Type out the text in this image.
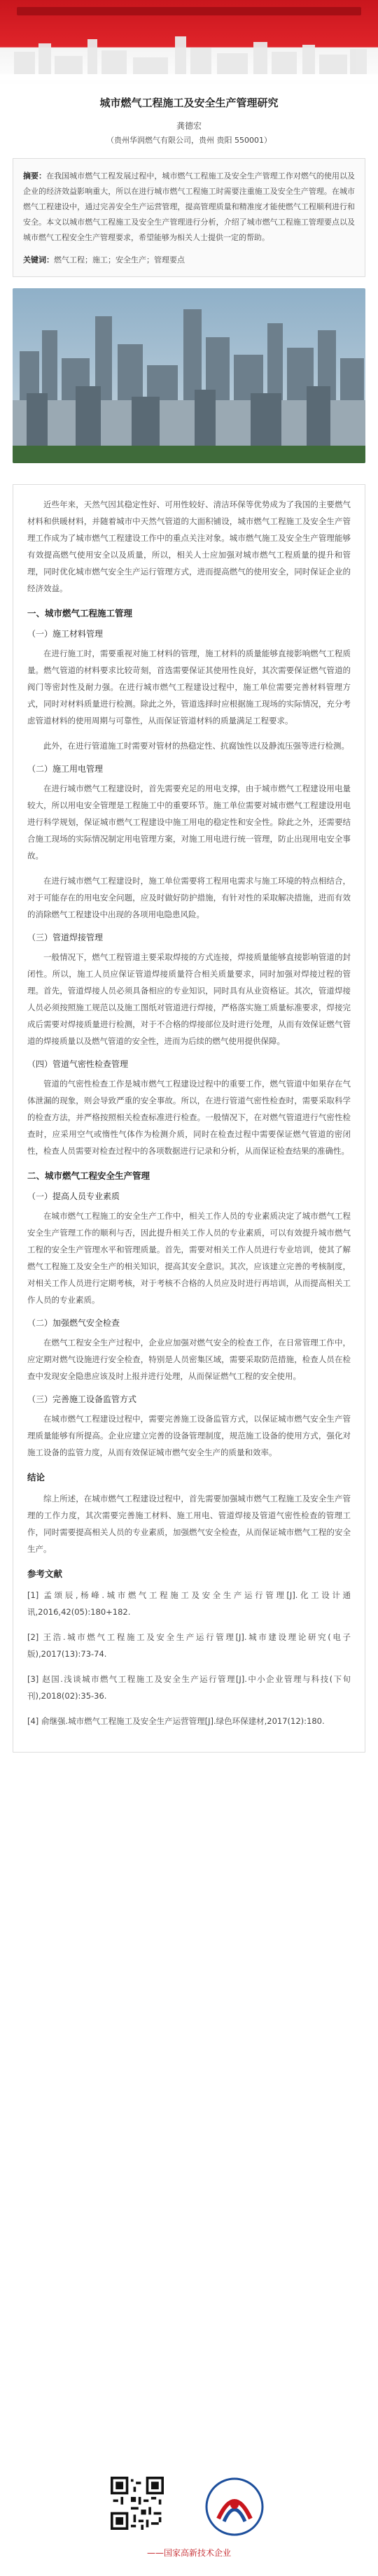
城市燃气工程施工及安全生产管理研究
龚德宏
（贵州华润燃气有限公司，贵州 贵阳 550001）

摘要：在我国城市燃气工程发展过程中，城市燃气工程施工及安全生产管理工作对燃气的使用以及企业的经济效益影响重大，所以在进行城市燃气工程施工时需要注重施工及安全生产管理。在城市燃气工程建设中，通过完善安全生产运营管理，提高管理质量和精准度才能使燃气工程顺利进行和安全。本文以城市燃气工程施工及安全生产管理进行分析，介绍了城市燃气工程施工管理要点以及城市燃气工程安全生产管理要求，希望能够为相关人士提供一定的帮助。

关键词：燃气工程；施工；安全生产；管理要点

近些年来，天然气因其稳定性好、可用性较好、清洁环保等优势成为了我国的主要燃气材料和供暖材料，并随着城市中天然气管道的大面积铺设，城市燃气工程施工及安全生产管理工作成为了城市燃气工程建设工作中的重点关注对象。城市燃气施工及安全生产管理能够有效提高燃气使用安全以及质量，所以，相关人士应加强对城市燃气工程质量的提升和管理，同时优化城市燃气安全生产运行管理方式，进而提高燃气的使用安全，同时保证企业的经济效益。

一、城市燃气工程施工管理
（一）施工材料管理

在进行施工时，需要重视对施工材料的管理，施工材料的质量能够直接影响燃气工程质量。燃气管道的材料要求比较苛刻，首选需要保证其使用性良好，其次需要保证燃气管道的阀门等密封性及耐力强。在进行城市燃气工程建设过程中，施工单位需要完善材料管理方式，同时对材料质量进行检测。除此之外，管道选择时应根据施工现场的实际情况，充分考虑管道材料的使用周期与可靠性，从而保证管道材料的质量满足工程要求。

此外，在进行管道施工时需要对管材的热稳定性、抗腐蚀性以及静流压强等进行检测。

（二）施工用电管理

在进行城市燃气工程建设时，首先需要充足的用电支撑，由于城市燃气工程建设用电量较大，所以用电安全管理是工程施工中的重要环节。施工单位需要对城市燃气工程建设用电进行科学规划，保证城市燃气工程建设中施工用电的稳定性和安全性。除此之外，还需要结合施工现场的实际情况制定用电管理方案，对施工用电进行统一管理，防止出现用电安全事故。

在进行城市燃气工程建设时，施工单位需要将工程用电需求与施工环境的特点相结合，对于可能存在的用电安全问题，应及时做好防护措施，有针对性的采取解决措施，进而有效的消除燃气工程建设中出现的各项用电隐患风险。

（三）管道焊接管理

一般情况下，燃气工程管道主要采取焊接的方式连接，焊接质量能够直接影响管道的封闭性。所以，施工人员应保证管道焊接质量符合相关质量要求，同时加强对焊接过程的管理。首先，管道焊接人员必须具备相应的专业知识，同时具有从业资格证。其次，管道焊接人员必须按照施工规范以及施工图纸对管道进行焊接，严格落实施工质量标准要求，焊接完成后需要对焊接质量进行检测，对于不合格的焊接部位及时进行处理，从而有效保证燃气管道的焊接质量以及燃气管道的安全性，进而为后续的燃气使用提供保障。

（四）管道气密性检查管理

管道的气密性检查工作是城市燃气工程建设过程中的重要工作，燃气管道中如果存在气体泄漏的现象，则会导致严重的安全事故。所以，在进行管道气密性检查时，需要采取科学的检查方法，并严格按照相关检查标准进行检查。一般情况下，在对燃气管道进行气密性检查时，应采用空气或惰性气体作为检测介质，同时在检查过程中需要保证燃气管道的密闭性，检查人员需要对检查过程中的各项数据进行记录和分析，从而保证检查结果的准确性。

二、城市燃气工程安全生产管理
（一）提高人员专业素质

在城市燃气工程施工的安全生产工作中，相关工作人员的专业素质决定了城市燃气工程安全生产管理工作的顺利与否，因此提升相关工作人员的专业素质，可以有效提升城市燃气工程的安全生产管理水平和管理质量。首先，需要对相关工作人员进行专业培训，使其了解燃气工程施工及安全生产的相关知识，提高其安全意识。其次，应该建立完善的考核制度，对相关工作人员进行定期考核，对于考核不合格的人员应及时进行再培训，从而提高相关工作人员的专业素质。

（二）加强燃气安全检查

在燃气工程安全生产过程中，企业应加强对燃气安全的检查工作，在日常管理工作中，应定期对燃气设施进行安全检查，特别是人员密集区域，需要采取防范措施，检查人员在检查中发现安全隐患应该及时上报并进行处理，从而保证燃气工程的安全使用。

（三）完善施工设备监管方式

在城市燃气工程建设过程中，需要完善施工设备监管方式，以保证城市燃气安全生产管理质量能够有所提高。企业应建立完善的设备管理制度，规范施工设备的使用方式，强化对施工设备的监管力度，从而有效保证城市燃气安全生产的质量和效率。

结论

综上所述，在城市燃气工程建设过程中，首先需要加强城市燃气工程施工及安全生产管理的工作力度，其次需要完善施工材料、施工用电、管道焊接及管道气密性检查的管理工作，同时需要提高相关人员的专业素质，加强燃气安全检查，从而保证城市燃气工程的安全生产。

参考文献

[1] 孟颂辰,杨峰.城市燃气工程施工及安全生产运行管理[J].化工设计通讯,2016,42(05):180+182.

[2] 王浩.城市燃气工程施工及安全生产运行管理[J].城市建设理论研究(电子版),2017(13):73-74.

[3] 赵国.浅谈城市燃气工程施工及安全生产运行管理[J].中小企业管理与科技(下旬刊),2018(02):35-36.

[4] 俞继强.城市燃气工程施工及安全生产运营管理[J].绿色环保建材,2017(12):180.

——国家高新技术企业
